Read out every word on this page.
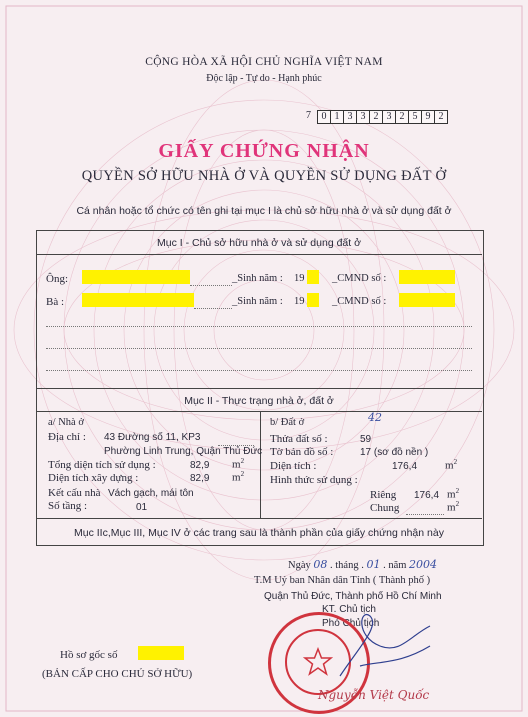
CỘNG HÒA XÃ HỘI CHỦ NGHĨA VIỆT NAM
Độc lập - Tự do - Hạnh phúc
7	0 1 3 3 2 3 2 5 9 2
GIẤY CHỨNG NHẬN
QUYỀN SỞ HỮU NHÀ Ở VÀ QUYỀN SỬ DỤNG ĐẤT Ở
Cá nhân hoặc tổ chức có tên ghi tại mục I là chủ sở hữu nhà ở và sử dụng đất ở
Mục I - Chủ sở hữu nhà ở và sử dụng đất ở
Ông:	_Sinh năm : 19	_CMND số :
Bà :	_Sinh năm : 19	_CMND số :
Mục II - Thực trạng nhà ở, đất ở
a/ Nhà ở
Địa chỉ : 43 Đường số 11, KP3
Phường Linh Trung, Quận Thủ Đức
Tổng diện tích sử dụng :	82,9 $m^2$
Diện tích xây dựng :	82,9 $m^2$
Kết cấu nhà Vách gạch, mái tôn
Số tầng :	01
b/ Đất ở	42
Thửa đất số :	59
Tờ bản đồ số :	17 (sơ đồ nền )
Diện tích :	176,4	$m^2$
Hình thức sử dụng :
Riêng 176,4 $m^2$
Chung	$m^2$
Mục IIc,Mục III, Mục IV ở các trang sau là thành phần của giấy chứng nhận này
Ngày 08 . tháng . 01 . năm 2004
T.M Uỷ ban Nhân dân Tỉnh ( Thành phố )
Quận Thủ Đức, Thành phố Hồ Chí Minh
KT. Chủ tịch
Phó Chủ tịch
Nguyễn Việt Quốc
Hồ sơ gốc số
(BẢN CẤP CHO CHỦ SỞ HỮU)
